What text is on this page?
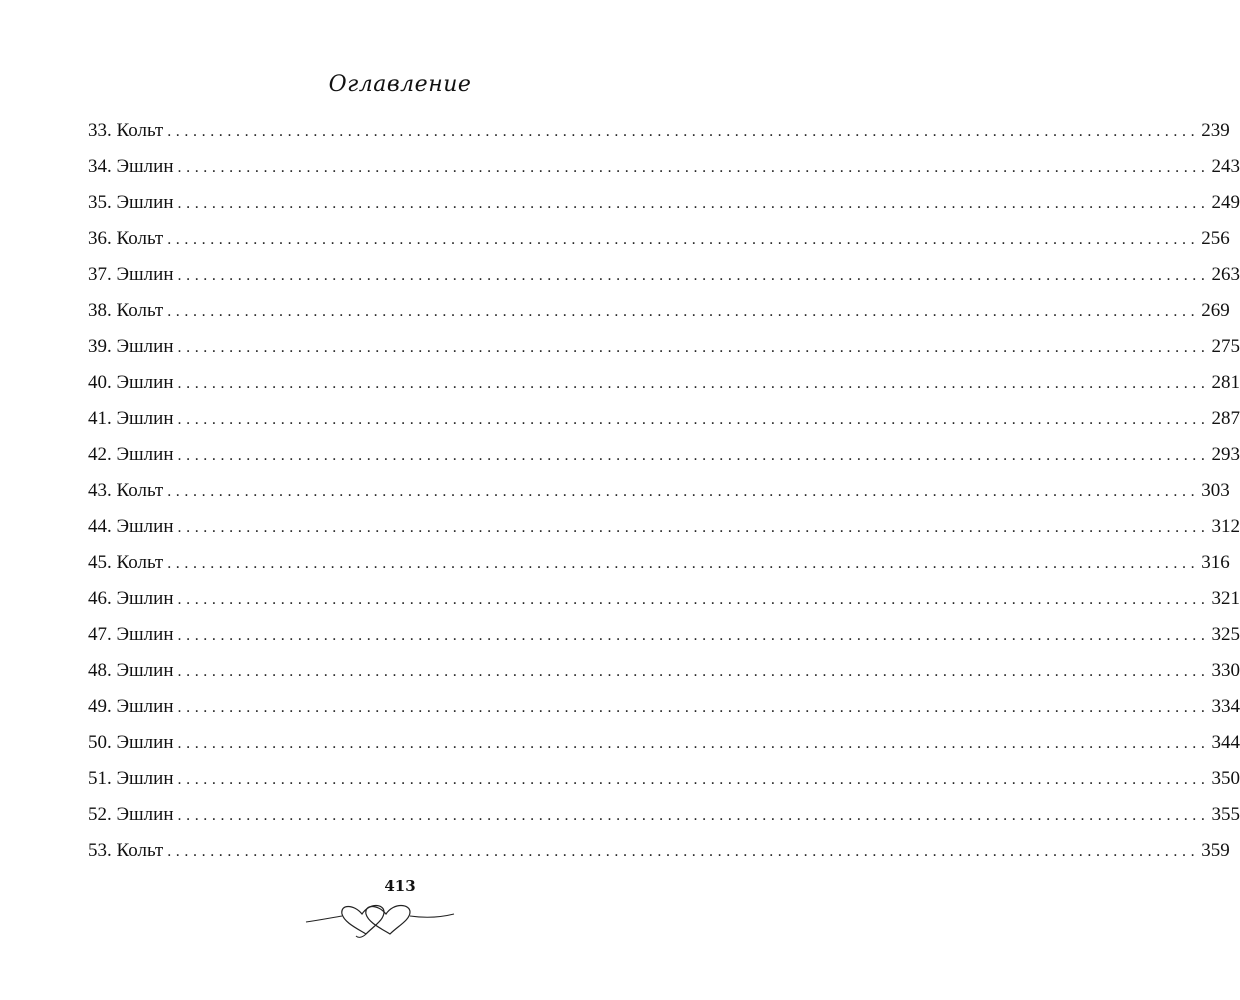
Оглавление
33. Кольт ........................................................................................................................ 239
34. Эшлин ........................................................................................................................ 243
35. Эшлин ........................................................................................................................ 249
36. Кольт ........................................................................................................................ 256
37. Эшлин ........................................................................................................................ 263
38. Кольт ........................................................................................................................ 269
39. Эшлин ........................................................................................................................ 275
40. Эшлин ........................................................................................................................ 281
41. Эшлин ........................................................................................................................ 287
42. Эшлин ........................................................................................................................ 293
43. Кольт ........................................................................................................................ 303
44. Эшлин ........................................................................................................................ 312
45. Кольт ........................................................................................................................ 316
46. Эшлин ........................................................................................................................ 321
47. Эшлин ........................................................................................................................ 325
48. Эшлин ........................................................................................................................ 330
49. Эшлин ........................................................................................................................ 334
50. Эшлин ........................................................................................................................ 344
51. Эшлин ........................................................................................................................ 350
52. Эшлин ........................................................................................................................ 355
53. Кольт ........................................................................................................................ 359
413
